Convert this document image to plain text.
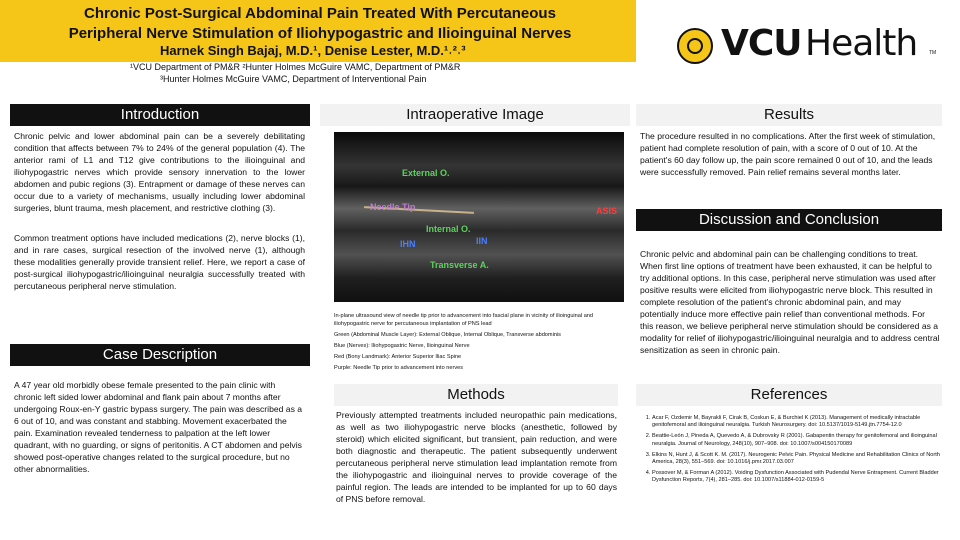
Chronic Post-Surgical Abdominal Pain Treated With Percutaneous
Peripheral Nerve Stimulation of Iliohypogastric and Ilioinguinal Nerves
Harnek Singh Bajaj, M.D.¹, Denise Lester, M.D.¹˒²˒³
¹VCU Department of PM&R ²Hunter Holmes McGuire VAMC, Department of PM&R
³Hunter Holmes McGuire VAMC, Department of Interventional Pain
VCU Health TM
Introduction

Chronic pelvic and lower abdominal pain can be a severely debilitating condition that affects between 7% to 24% of the general population (4). The anterior rami of L1 and T12 give contributions to the ilioinguinal and iliohypogastric nerves which provide sensory innervation to the lower abdomen and pubic regions (3). Entrapment or damage of these nerves can occur due to a variety of mechanisms, usually including lower abdominal surgeries, blunt trauma, mesh placement, and restrictive clothing (3).

Common treatment options have included medications (2), nerve blocks (1), and in rare cases, surgical resection of the involved nerve (1), although these modalities generally provide transient relief. Here, we report a case of post-surgical iliohypogastric/ilioinguinal neuralgia successfully treated with percutaneous peripheral nerve stimulation.

Case Description
A 47 year old morbidly obese female presented to the pain clinic with chronic left sided lower abdominal and flank pain about 7 months after undergoing Roux-en-Y gastric bypass surgery. The pain was described as a 6 out of 10, and was constant and stabbing. Movement exacerbated the pain. Examination revealed tenderness to palpation at the left lower quadrant, with no guarding, or signs of peritonitis. A CT abdomen and pelvis showed post-operative changes related to the surgical procedure, but no other abnormalities.
Intraoperative Image
External O.
Needle Tip	ASIS
Internal O.
IHN	IIN
Transverse A.

In-plane ultrasound view of needle tip prior to advancement into fascial plane in vicinity of ilioinguinal and iliohypogastric nerve for percutaneous implantation of PNS lead

Green (Abdominal Muscle Layer): External Oblique, Internal Oblique, Transverse abdominis

Blue (Nerves): Iliohypogastric Nerve, Ilioinguinal Nerve

Red (Bony Landmark): Anterior Superior Iliac Spine

Purple: Needle Tip prior to advancement into nerves

Methods
Previously attempted treatments included neuropathic pain medications, as well as two iliohypogastric nerve blocks (anesthetic, followed by steroid) which elicited significant, but transient, pain reduction, and were both diagnostic and therapeutic. The patient subsequently underwent percutaneous peripheral nerve stimulation lead implantation remote from the iliohypogastric and ilioinguinal nerves to provide coverage of the painful region. The leads are intended to be implanted for up to 60 days of PNS before removal.
Results
The procedure resulted in no complications. After the first week of stimulation, patient had complete resolution of pain, with a score of 0 out of 10. At the patient's 60 day follow up, the pain score remained 0 out of 10, and the leads were successfully removed. Pain relief remains several months later.
Discussion and Conclusion
Chronic pelvic and abdominal pain can be challenging conditions to treat. When first line options of treatment have been exhausted, it can be helpful to try additional options. In this case, peripheral nerve stimulation was used after positive results were elicited from iliohypogastric nerve block. This resulted in complete resolution of the patient's chronic abdominal pain, and may potentially induce more effective pain relief than conventional methods. For this reason, we believe peripheral nerve stimulation should be considered as a modality for relief of iliohypogastric/ilioinguinal neuralgia and to address central sensitization as seen in chronic pain.
References
1. Acar F, Ozdemir M, Bayrakli F, Cirak B, Coskun E, & Burchiel K (2013). Management of medically intractable genitofemoral and ilioinguinal neuralgia. Turkish Neurosurgery. doi: 10.5137/1019-5149.jtn.7754-12.0
2. Beattie-León J, Pineda A, Quevedo A, & Dubrovsky R (2001). Gabapentin therapy for genitofemoral and ilioinguinal neuralgia. Journal of Neurology, 248(10), 907–908. doi: 10.1007/s004150170089
3. Elkins N, Hunt J, & Scott K. M. (2017). Neurogenic Pelvic Pain. Physical Medicine and Rehabilitation Clinics of North America, 28(3), 551–569. doi: 10.1016/j.pmr.2017.03.007
4. Possover M, & Forman A (2012). Voiding Dysfunction Associated with Pudendal Nerve Entrapment. Current Bladder Dysfunction Reports, 7(4), 281–285. doi: 10.1007/s11884-012-0159-5
